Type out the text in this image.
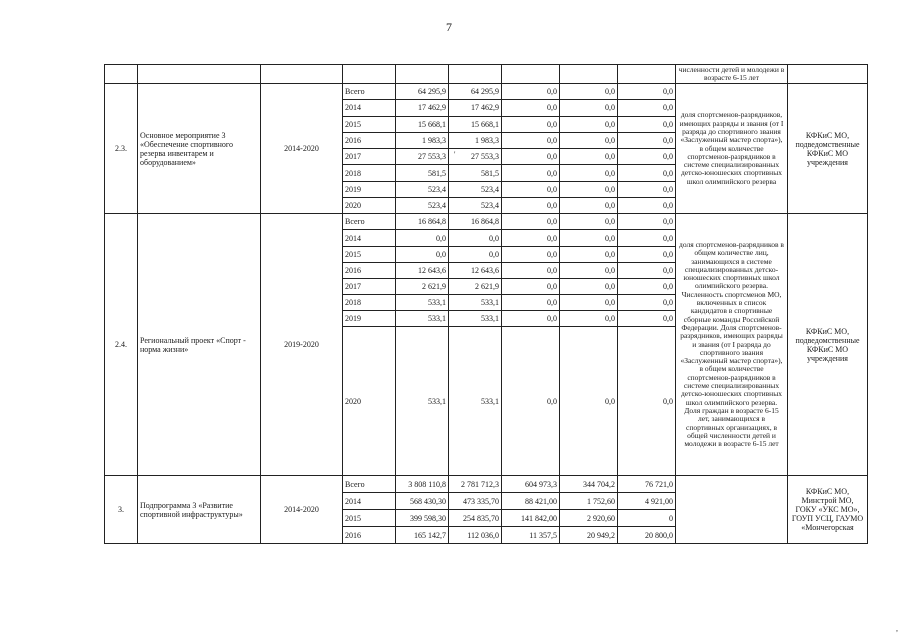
7
									численности детей и молодежи в возрасте 6-15 лет	
2.3.	Основное мероприятие 3 «Обеспечение спортивного резерва инвентарем и оборудованием»	2014-2020	Всего	64 295,9	64 295,9	0,0	0,0	0,0	доля спортсменов-разрядников, имеющих разряды и звания (от I разряда до спортивного звания «Заслуженный мастер спорта»), в общем количестве спортсменов-разрядников в системе специализированных детско-юношеских спортивных школ олимпийского резерва	КФКиС МО, подведомственные КФКиС МО учреждения
			2014	17 462,9	17 462,9	0,0	0,0	0,0		
			2015	15 668,1	15 668,1	0,0	0,0	0,0		
			2016	1 983,3	1 983,3	0,0	0,0	0,0		
			2017	27 553,3	27 553,3	0,0	0,0	0,0		
			2018	581,5	581,5	0,0	0,0	0,0		
			2019	523,4	523,4	0,0	0,0	0,0		
			2020	523,4	523,4	0,0	0,0	0,0		
2.4.	Региональный проект «Спорт - норма жизни»	2019-2020	Всего	16 864,8	16 864,8	0,0	0,0	0,0	доля спортсменов-разрядников в общем количестве лиц, занимающихся в системе специализированных детско-юношеских спортивных школ олимпийского резерва. Численность спортсменов МО, включенных в список кандидатов в спортивные сборные команды Российской Федерации. Доля спортсменов-разрядников, имеющих разряды и звания (от I разряда до спортивного звания «Заслуженный мастер спорта»), в общем количестве спортсменов-разрядников в системе специализированных детско-юношеских спортивных школ олимпийского резерва. Доля граждан в возрасте 6-15 лет, занимающихся в спортивных организациях, в общей численности детей и молодежи в возрасте 6-15 лет	КФКиС МО, подведомственные КФКиС МО учреждения
			2014	0,0	0,0	0,0	0,0	0,0		
			2015	0,0	0,0	0,0	0,0	0,0		
			2016	12 643,6	12 643,6	0,0	0,0	0,0		
			2017	2 621,9	2 621,9	0,0	0,0	0,0		
			2018	533,1	533,1	0,0	0,0	0,0		
			2019	533,1	533,1	0,0	0,0	0,0		
			2020	533,1	533,1	0,0	0,0	0,0		
3.	Подпрограмма 3 «Развитие спортивной инфраструктуры»	2014-2020	Всего	3 808 110,8	2 781 712,3	604 973,3	344 704,2	76 721,0		КФКиС МО, Минстрой МО, ГОКУ «УКС МО», ГОУП УСЦ, ГАУМО «Мончегорская
			2014	568 430,30	473 335,70	88 421,00	1 752,60	4 921,00		
			2015	399 598,30	254 835,70	141 842,00	2 920,60	0		
			2016	165 142,7	112 036,0	11 357,5	20 949,2	20 800,0		
'
,
